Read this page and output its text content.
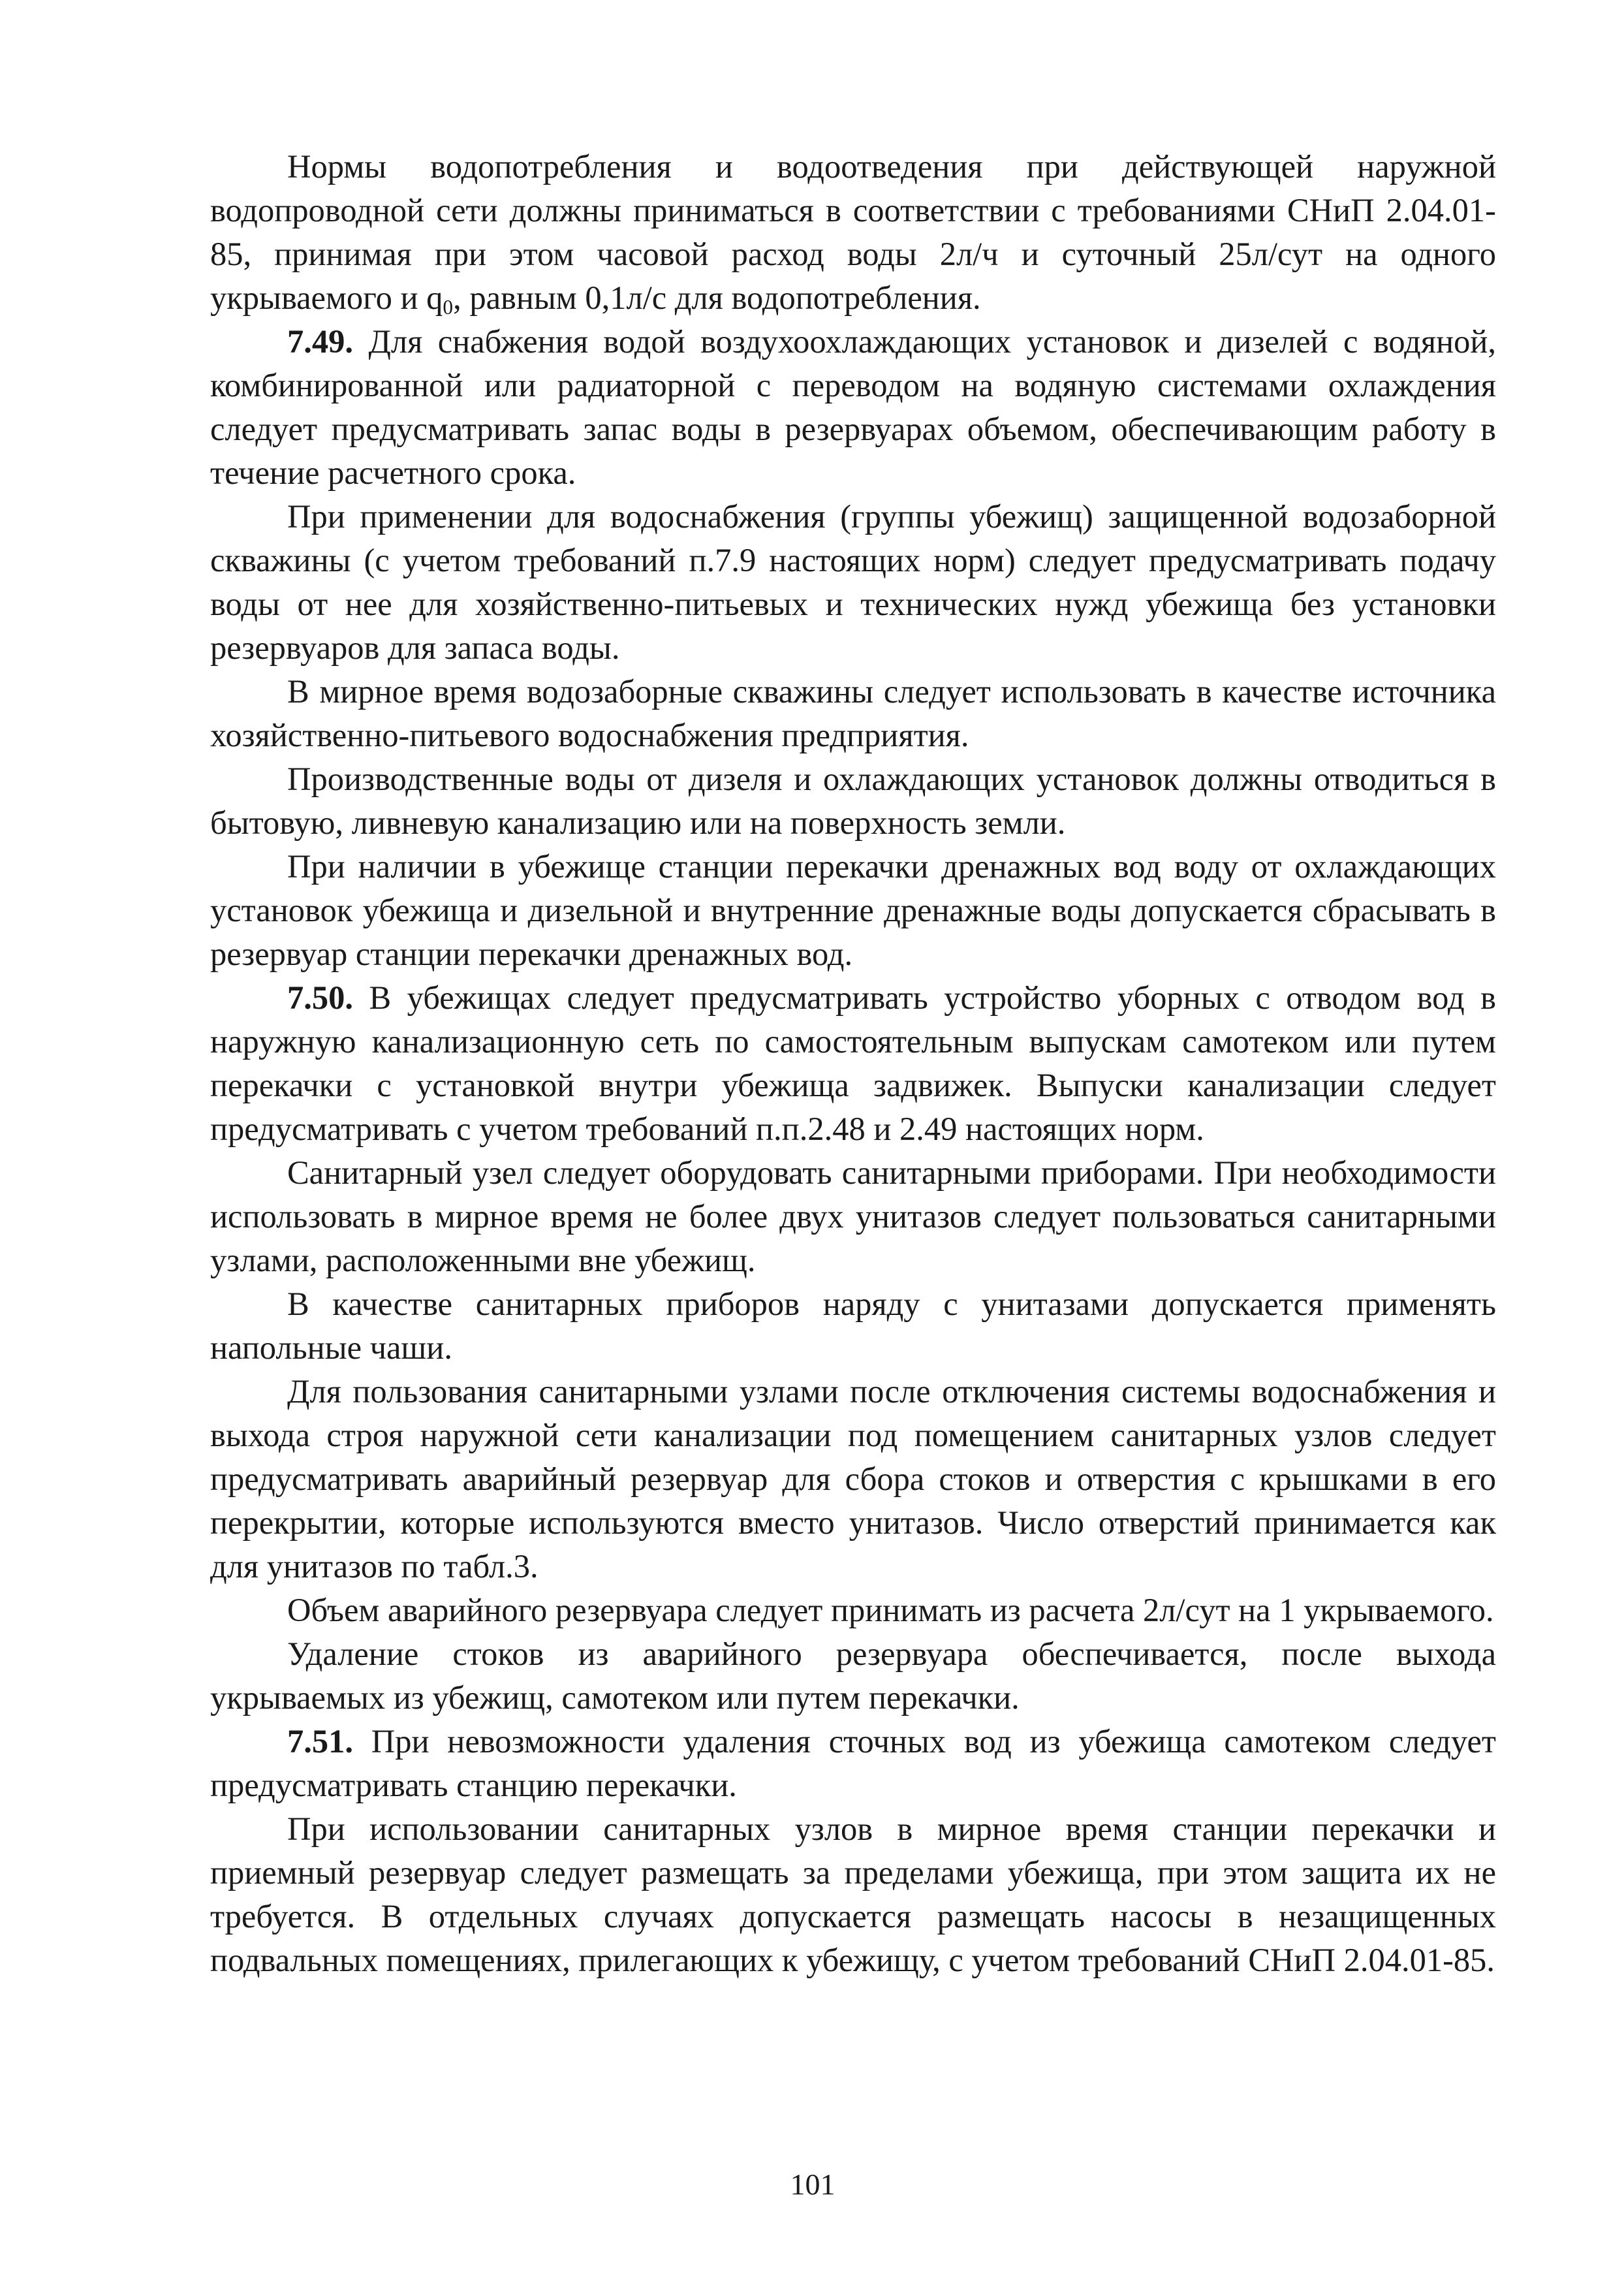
Нормы водопотребления и водоотведения при действующей наружной водопроводной сети должны приниматься в соответствии с требованиями СНиП 2.04.01-85, принимая при этом часовой расход воды 2л/ч и суточный 25л/сут на одного укрываемого и $q_0$, равным 0,1л/с для водопотребления.

7.49. Для снабжения водой воздухоохлаждающих установок и дизелей с водяной, комбинированной или радиаторной с переводом на водяную системами охлаждения следует предусматривать запас воды в резервуарах объемом, обеспечивающим работу в течение расчетного срока.

При применении для водоснабжения (группы убежищ) защищенной водозаборной скважины (с учетом требований п.7.9 настоящих норм) следует предусматривать подачу воды от нее для хозяйственно-питьевых и технических нужд убежища без установки резервуаров для запаса воды.

В мирное время водозаборные скважины следует использовать в качестве источника хозяйственно-питьевого водоснабжения предприятия.

Производственные воды от дизеля и охлаждающих установок должны отводиться в бытовую, ливневую канализацию или на поверхность земли.

При наличии в убежище станции перекачки дренажных вод воду от охлаждающих установок убежища и дизельной и внутренние дренажные воды допускается сбрасывать в резервуар станции перекачки дренажных вод.

7.50. В убежищах следует предусматривать устройство уборных с отводом вод в наружную канализационную сеть по самостоятельным выпускам самотеком или путем перекачки с установкой внутри убежища задвижек. Выпуски канализации следует предусматривать с учетом требований п.п.2.48 и 2.49 настоящих норм.

Санитарный узел следует оборудовать санитарными приборами. При необходимости использовать в мирное время не более двух унитазов следует пользоваться санитарными узлами, расположенными вне убежищ.

В качестве санитарных приборов наряду с унитазами допускается применять напольные чаши.

Для пользования санитарными узлами после отключения системы водоснабжения и выхода строя наружной сети канализации под помещением санитарных узлов следует предусматривать аварийный резервуар для сбора стоков и отверстия с крышками в его перекрытии, которые используются вместо унитазов. Число отверстий принимается как для унитазов по табл.3.

Объем аварийного резервуара следует принимать из расчета 2л/сут на 1 укрываемого.

Удаление стоков из аварийного резервуара обеспечивается, после выхода укрываемых из убежищ, самотеком или путем перекачки.

7.51. При невозможности удаления сточных вод из убежища самотеком следует предусматривать станцию перекачки.

При использовании санитарных узлов в мирное время станции перекачки и приемный резервуар следует размещать за пределами убежища, при этом защита их не требуется. В отдельных случаях допускается размещать насосы в незащищенных подвальных помещениях, прилегающих к убежищу, с учетом требований СНиП 2.04.01-85.

101
